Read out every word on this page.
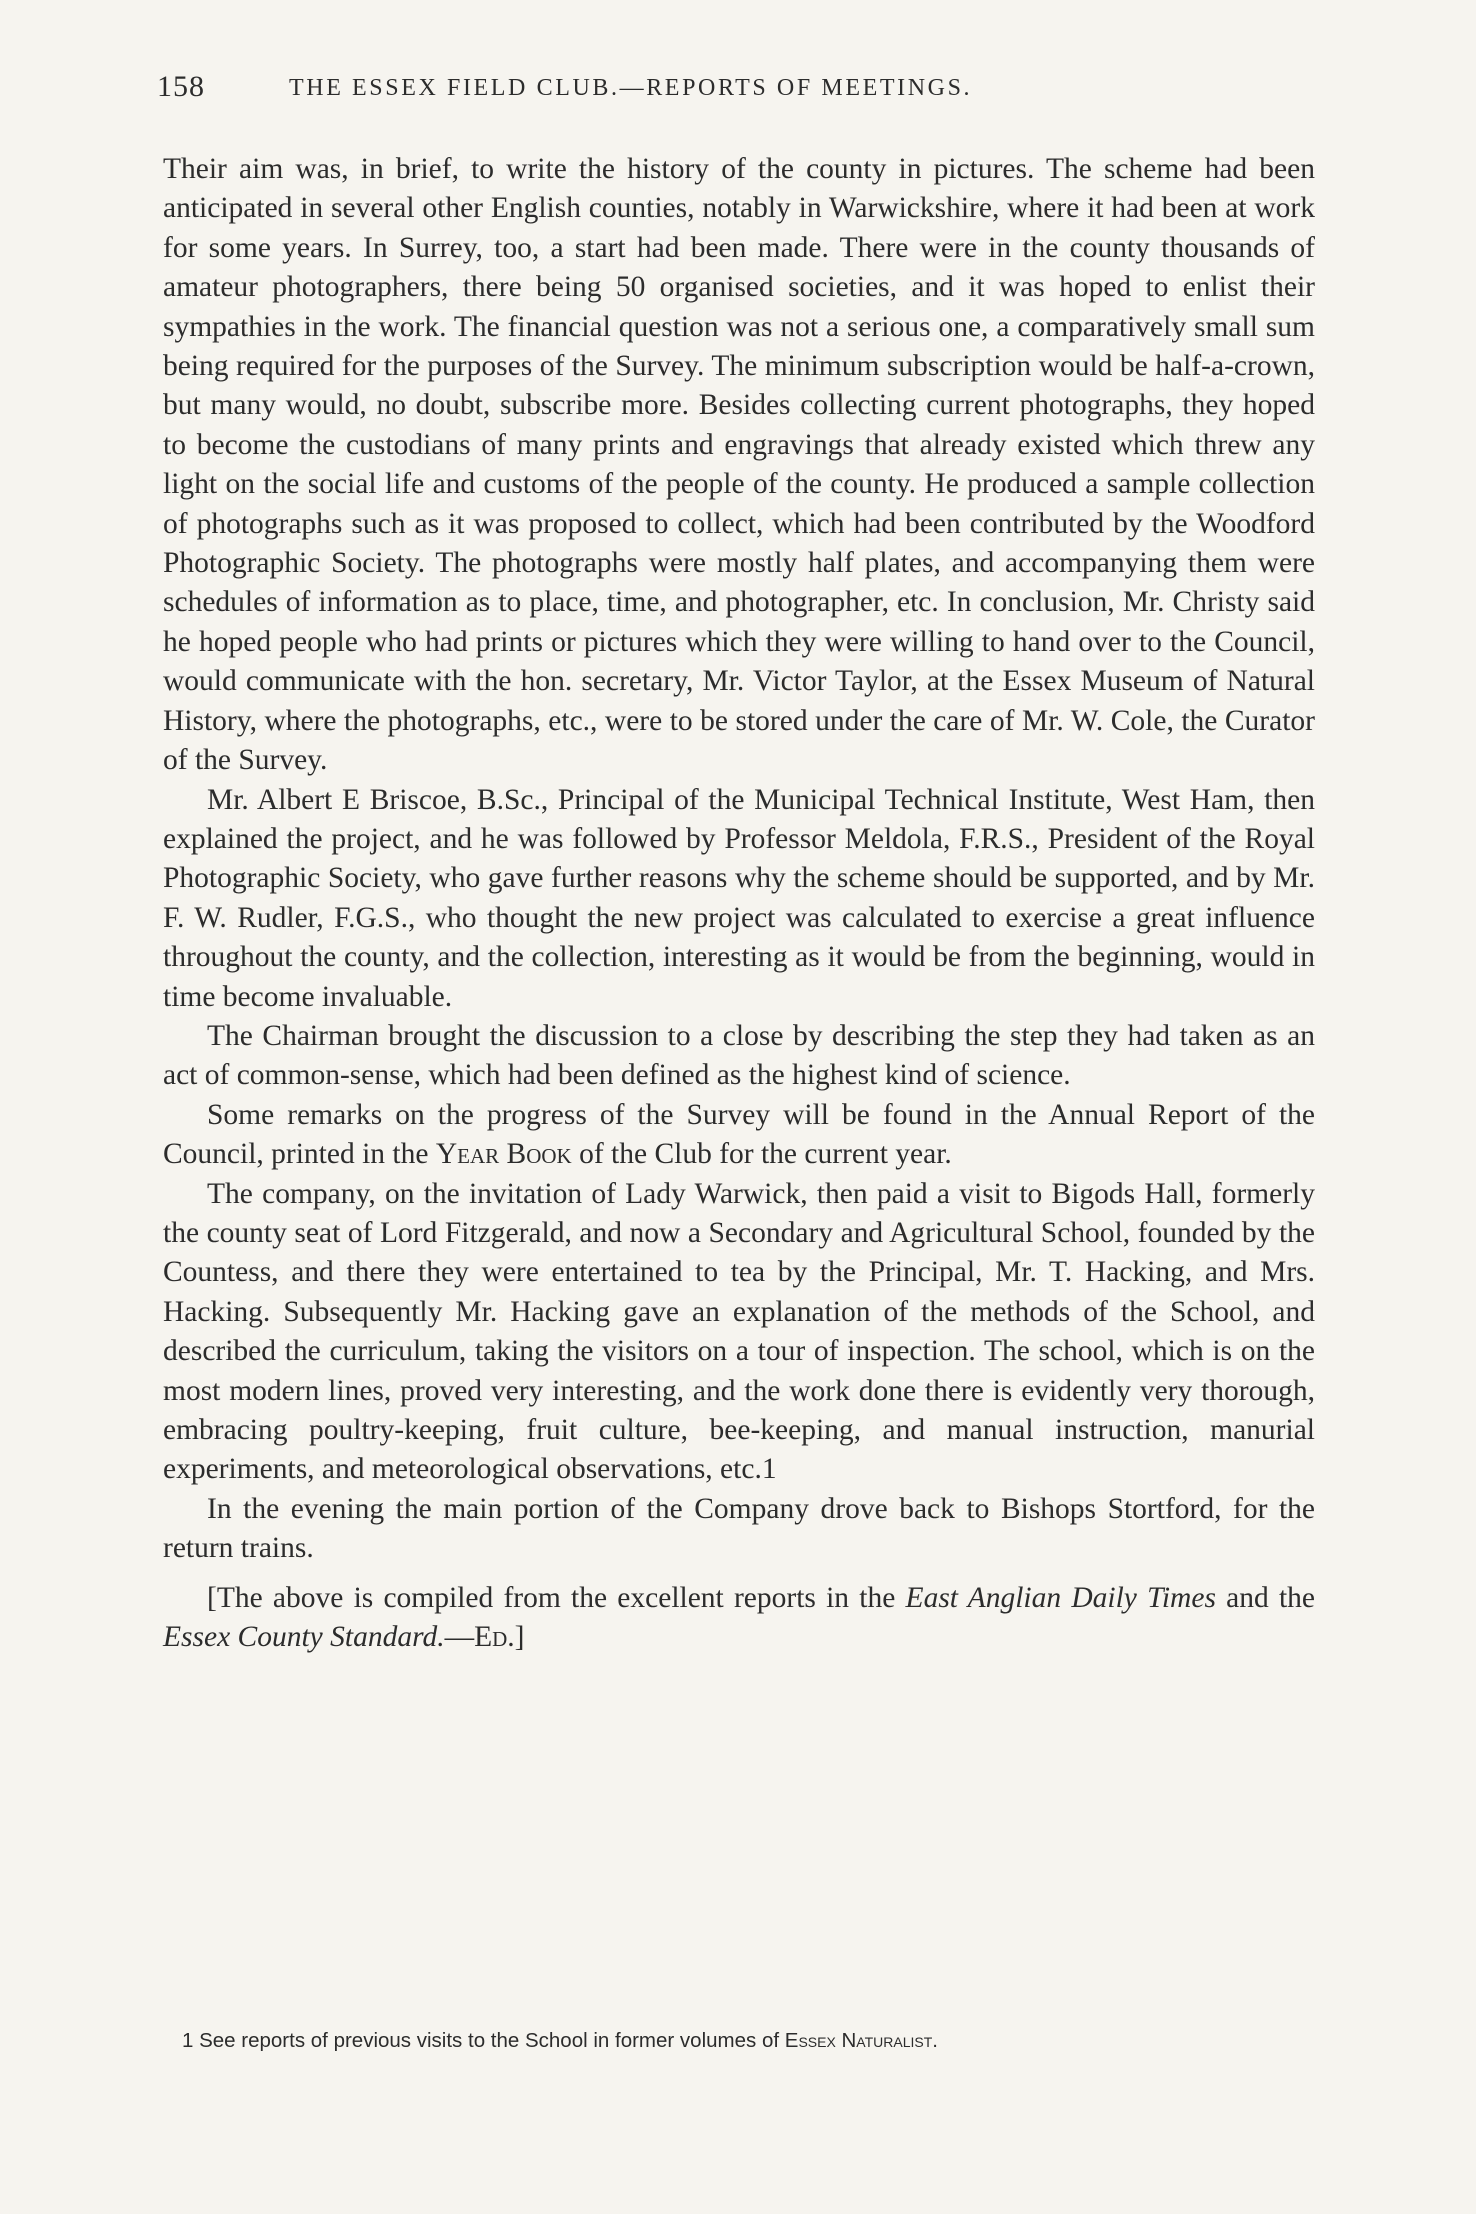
158	THE ESSEX FIELD CLUB.—REPORTS OF MEETINGS.

Their aim was, in brief, to write the history of the county in pictures. The scheme had been anticipated in several other English counties, notably in Warwickshire, where it had been at work for some years. In Surrey, too, a start had been made. There were in the county thousands of amateur photographers, there being 50 organised societies, and it was hoped to enlist their sympathies in the work. The financial question was not a serious one, a comparatively small sum being required for the purposes of the Survey. The minimum subscription would be half-a-crown, but many would, no doubt, subscribe more. Besides collecting current photographs, they hoped to become the custodians of many prints and engravings that already existed which threw any light on the social life and customs of the people of the county. He produced a sample collection of photographs such as it was proposed to collect, which had been contributed by the Woodford Photographic Society. The photographs were mostly half plates, and accompanying them were schedules of information as to place, time, and photographer, etc. In conclusion, Mr. Christy said he hoped people who had prints or pictures which they were willing to hand over to the Council, would communicate with the hon. secretary, Mr. Victor Taylor, at the Essex Museum of Natural History, where the photographs, etc., were to be stored under the care of Mr. W. Cole, the Curator of the Survey.

Mr. Albert E Briscoe, B.Sc., Principal of the Municipal Technical Institute, West Ham, then explained the project, and he was followed by Professor Meldola, F.R.S., President of the Royal Photographic Society, who gave further reasons why the scheme should be supported, and by Mr. F. W. Rudler, F.G.S., who thought the new project was calculated to exercise a great influence throughout the county, and the collection, interesting as it would be from the beginning, would in time become invaluable.

The Chairman brought the discussion to a close by describing the step they had taken as an act of common-sense, which had been defined as the highest kind of science.

Some remarks on the progress of the Survey will be found in the Annual Report of the Council, printed in the Year Book of the Club for the current year.

The company, on the invitation of Lady Warwick, then paid a visit to Bigods Hall, formerly the county seat of Lord Fitzgerald, and now a Secondary and Agricultural School, founded by the Countess, and there they were entertained to tea by the Principal, Mr. T. Hacking, and Mrs. Hacking. Subsequently Mr. Hacking gave an explanation of the methods of the School, and described the curriculum, taking the visitors on a tour of inspection. The school, which is on the most modern lines, proved very interesting, and the work done there is evidently very thorough, embracing poultry-keeping, fruit culture, bee-keeping, and manual instruction, manurial experiments, and meteorological observations, etc.1

In the evening the main portion of the Company drove back to Bishops Stortford, for the return trains.

[The above is compiled from the excellent reports in the East Anglian Daily Times and the Essex County Standard.—Ed.]

1 See reports of previous visits to the School in former volumes of Essex Naturalist.
